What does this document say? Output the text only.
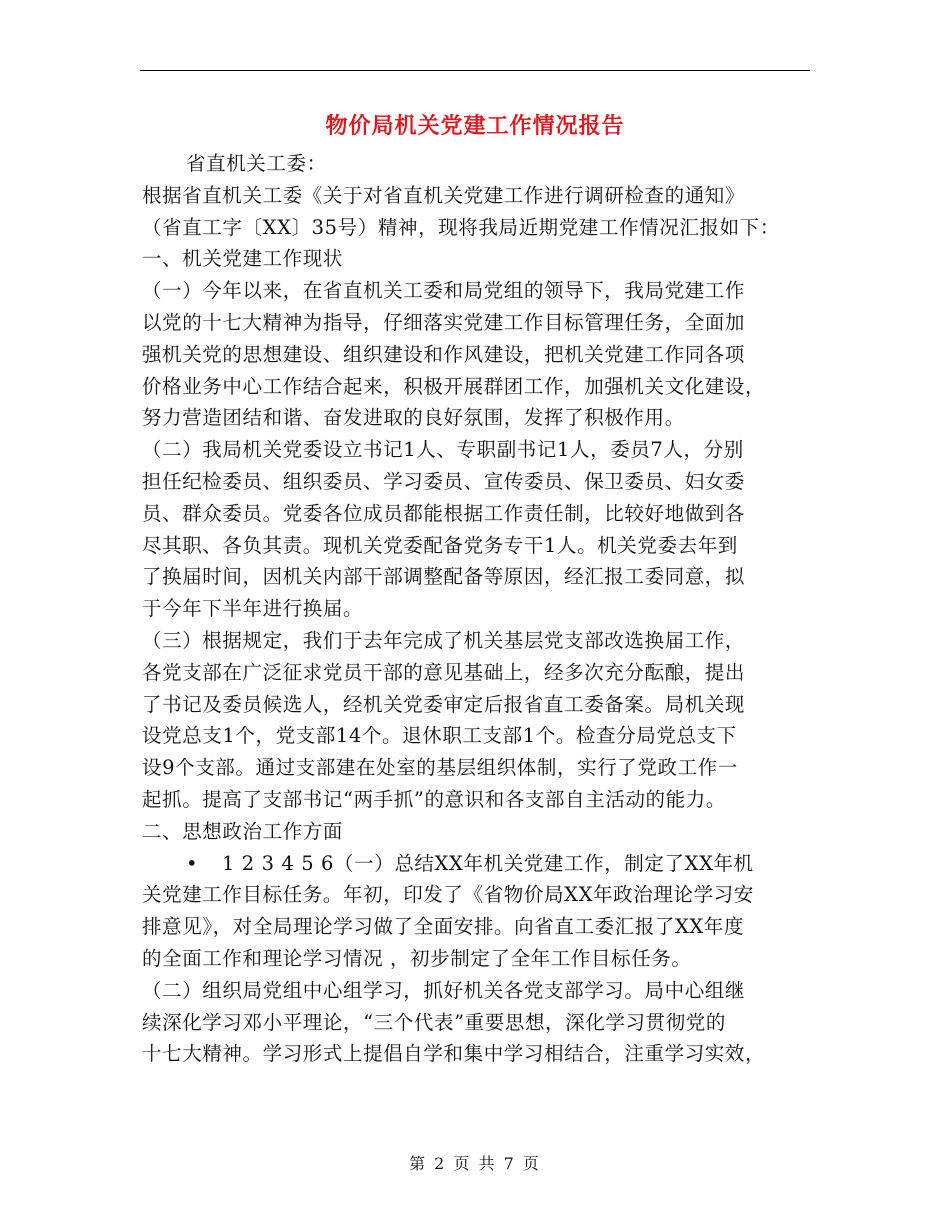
物价局机关党建工作情况报告
省直机关工委：
根据省直机关工委《关于对省直机关党建工作进行调研检查的通知》
（省直工字〔XX〕35号）精神，现将我局近期党建工作情况汇报如下：
一、机关党建工作现状
（一）今年以来，在省直机关工委和局党组的领导下，我局党建工作
以党的十七大精神为指导，仔细落实党建工作目标管理任务，全面加
强机关党的思想建设、组织建设和作风建设，把机关党建工作同各项
价格业务中心工作结合起来，积极开展群团工作，加强机关文化建设，
努力营造团结和谐、奋发进取的良好氛围，发挥了积极作用。
（二）我局机关党委设立书记1人、专职副书记1人，委员7人，分别
担任纪检委员、组织委员、学习委员、宣传委员、保卫委员、妇女委
员、群众委员。党委各位成员都能根据工作责任制，比较好地做到各
尽其职、各负其责。现机关党委配备党务专干1人。机关党委去年到
了换届时间，因机关内部干部调整配备等原因，经汇报工委同意，拟
于今年下半年进行换届。
（三）根据规定，我们于去年完成了机关基层党支部改选换届工作，
各党支部在广泛征求党员干部的意见基础上，经多次充分酝酿，提出
了书记及委员候选人，经机关党委审定后报省直工委备案。局机关现
设党总支1个，党支部14个。退休职工支部1个。检查分局党总支下
设9个支部。通过支部建在处室的基层组织体制，实行了党政工作一
起抓。提高了支部书记“两手抓”的意识和各支部自主活动的能力。
二、思想政治工作方面
• 1 2 3 4 5 6（一）总结XX年机关党建工作，制定了XX年机
关党建工作目标任务。年初，印发了《省物价局XX年政治理论学习安
排意见》，对全局理论学习做了全面安排。向省直工委汇报了XX年度
的全面工作和理论学习情况 ，初步制定了全年工作目标任务。
（二）组织局党组中心组学习，抓好机关各党支部学习。局中心组继
续深化学习邓小平理论，“三个代表”重要思想，深化学习贯彻党的
十七大精神。学习形式上提倡自学和集中学习相结合，注重学习实效，
第 2 页 共 7 页
